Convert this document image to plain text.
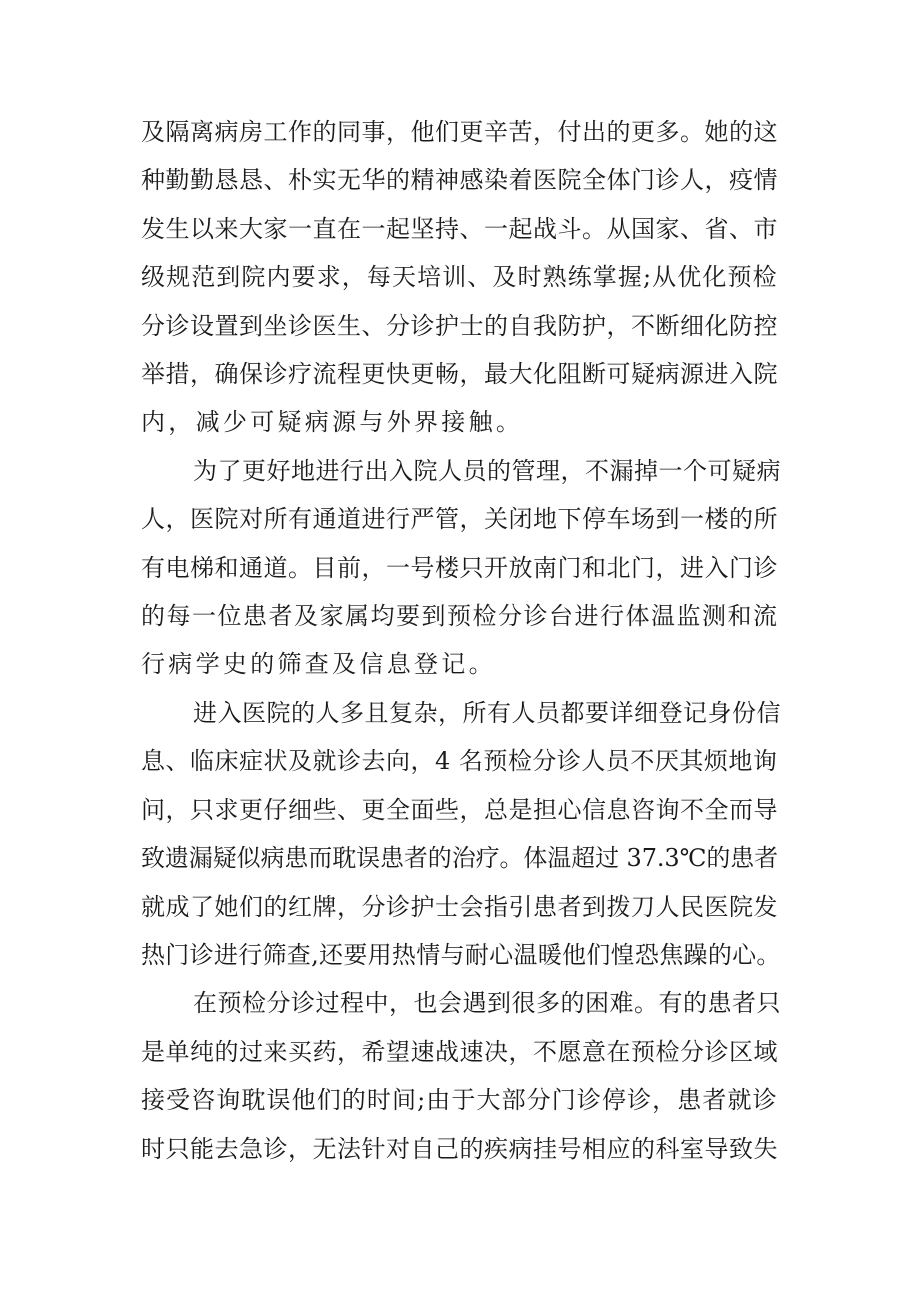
及隔离病房工作的同事，他们更辛苦，付出的更多。她的这
种勤勤恳恳、朴实无华的精神感染着医院全体门诊人，疫情
发生以来大家一直在一起坚持、一起战斗。从国家、省、市
级规范到院内要求，每天培训、及时熟练掌握;从优化预检
分诊设置到坐诊医生、分诊护士的自我防护，不断细化防控
举措，确保诊疗流程更快更畅，最大化阻断可疑病源进入院
内，减少可疑病源与外界接触。
为了更好地进行出入院人员的管理，不漏掉一个可疑病
人，医院对所有通道进行严管，关闭地下停车场到一楼的所
有电梯和通道。目前，一号楼只开放南门和北门，进入门诊
的每一位患者及家属均要到预检分诊台进行体温监测和流
行病学史的筛查及信息登记。
进入医院的人多且复杂，所有人员都要详细登记身份信
息、临床症状及就诊去向，4 名预检分诊人员不厌其烦地询
问，只求更仔细些、更全面些，总是担心信息咨询不全而导
致遗漏疑似病患而耽误患者的治疗。体温超过 37.3℃的患者
就成了她们的红牌，分诊护士会指引患者到拨刀人民医院发
热门诊进行筛查,还要用热情与耐心温暖他们惶恐焦躁的心。
在预检分诊过程中，也会遇到很多的困难。有的患者只
是单纯的过来买药，希望速战速决，不愿意在预检分诊区域
接受咨询耽误他们的时间;由于大部分门诊停诊，患者就诊
时只能去急诊，无法针对自己的疾病挂号相应的科室导致失
